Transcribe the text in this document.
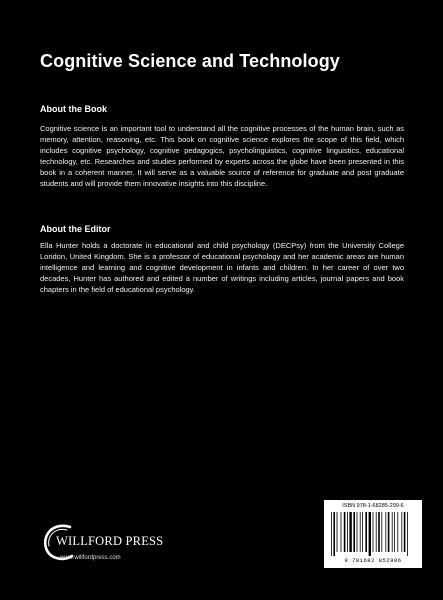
Cognitive Science and Technology
About the Book

Cognitive science is an important tool to understand all the cognitive processes of the human brain, such as memory, attention, reasoning, etc. This book on cognitive science explores the scope of this field, which includes cognitive psychology, cognitive pedagogics, psycholinguistics, cognitive linguistics, educational technology, etc. Researches and studies performed by experts across the globe have been presented in this book in a coherent manner. It will serve as a valuable source of reference for graduate and post graduate students and will provide them innovative insights into this discipline.

About the Editor

Ella Hunter holds a doctorate in educational and child psychology (DECPsy) from the University College London, United Kingdom. She is a professor of educational psychology and her academic areas are human intelligence and learning and cognitive development in infants and children. In her career of over two decades, Hunter has authored and edited a number of writings including articles, journal papers and book chapters in the field of educational psychology.

WILLFORD PRESS

www.willfordpress.com

ISBN 978-1-68285-299-6

9 781682 852996
